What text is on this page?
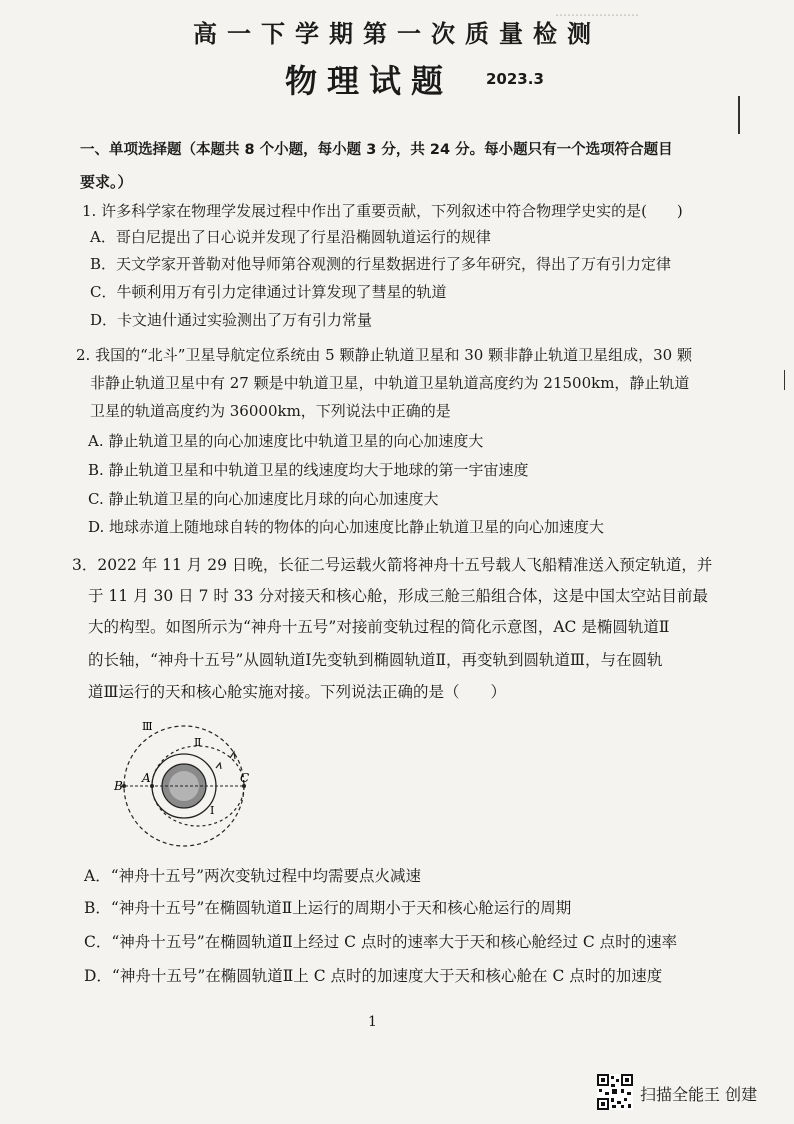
⋯⋯⋯⋯⋯⋯⋯
高一下学期第一次质量检测
物理试题 2023.3
一、单项选择题（本题共 8 个小题，每小题 3 分，共 24 分。每小题只有一个选项符合题目
要求。）
1. 许多科学家在物理学发展过程中作出了重要贡献，下列叙述中符合物理学史实的是(　　)
A．哥白尼提出了日心说并发现了行星沿椭圆轨道运行的规律
B．天文学家开普勒对他导师第谷观测的行星数据进行了多年研究，得出了万有引力定律
C．牛顿利用万有引力定律通过计算发现了彗星的轨道
D．卡文迪什通过实验测出了万有引力常量
2. 我国的“北斗”卫星导航定位系统由 5 颗静止轨道卫星和 30 颗非静止轨道卫星组成，30 颗
非静止轨道卫星中有 27 颗是中轨道卫星，中轨道卫星轨道高度约为 21500km，静止轨道
卫星的轨道高度约为 36000km，下列说法中正确的是
A. 静止轨道卫星的向心加速度比中轨道卫星的向心加速度大
B. 静止轨道卫星和中轨道卫星的线速度均大于地球的第一宇宙速度
C. 静止轨道卫星的向心加速度比月球的向心加速度大
D. 地球赤道上随地球自转的物体的向心加速度比静止轨道卫星的向心加速度大
3．2022 年 11 月 29 日晚，长征二号运载火箭将神舟十五号载人飞船精准送入预定轨道，并
于 11 月 30 日 7 时 33 分对接天和核心舱，形成三舱三船组合体，这是中国太空站目前最
大的构型。如图所示为“神舟十五号”对接前变轨过程的简化示意图，AC 是椭圆轨道Ⅱ
的长轴，“神舟十五号”从圆轨道Ⅰ先变轨到椭圆轨道Ⅱ，再变轨到圆轨道Ⅲ，与在圆轨
道Ⅲ运行的天和核心舱实施对接。下列说法正确的是（　　）
Ⅲ
Ⅱ
Ⅰ
B
A	C
A．“神舟十五号”两次变轨过程中均需要点火减速
B．“神舟十五号”在椭圆轨道Ⅱ上运行的周期小于天和核心舱运行的周期
C．“神舟十五号”在椭圆轨道Ⅱ上经过 C 点时的速率大于天和核心舱经过 C 点时的速率
D．“神舟十五号”在椭圆轨道Ⅱ上 C 点时的加速度大于天和核心舱在 C 点时的加速度
1
扫描全能王 创建
